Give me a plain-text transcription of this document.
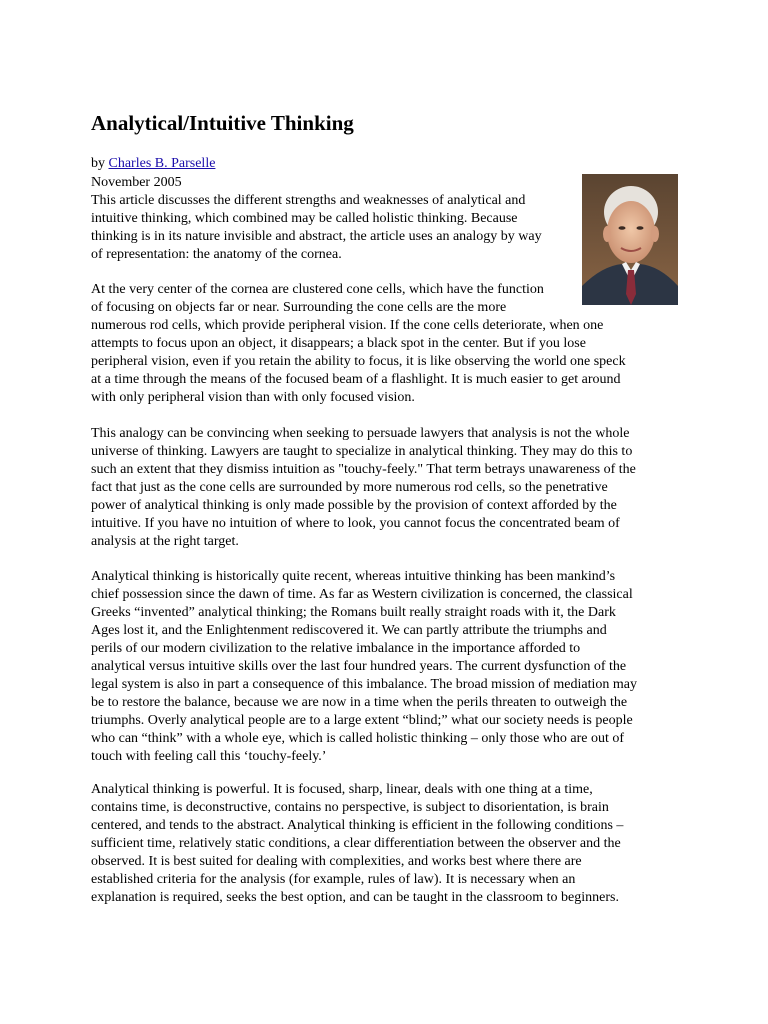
Analytical/Intuitive Thinking
by Charles B. Parselle
November 2005
This article discusses the different strengths and weaknesses of analytical and
intuitive thinking, which combined may be called holistic thinking. Because
thinking is in its nature invisible and abstract, the article uses an analogy by way
of representation: the anatomy of the cornea.
At the very center of the cornea are clustered cone cells, which have the function
of focusing on objects far or near. Surrounding the cone cells are the more
numerous rod cells, which provide peripheral vision. If the cone cells deteriorate, when one
attempts to focus upon an object, it disappears; a black spot in the center. But if you lose
peripheral vision, even if you retain the ability to focus, it is like observing the world one speck
at a time through the means of the focused beam of a flashlight. It is much easier to get around
with only peripheral vision than with only focused vision.
This analogy can be convincing when seeking to persuade lawyers that analysis is not the whole
universe of thinking. Lawyers are taught to specialize in analytical thinking. They may do this to
such an extent that they dismiss intuition as "touchy-feely." That term betrays unawareness of the
fact that just as the cone cells are surrounded by more numerous rod cells, so the penetrative
power of analytical thinking is only made possible by the provision of context afforded by the
intuitive. If you have no intuition of where to look, you cannot focus the concentrated beam of
analysis at the right target.
Analytical thinking is historically quite recent, whereas intuitive thinking has been mankind’s
chief possession since the dawn of time. As far as Western civilization is concerned, the classical
Greeks “invented” analytical thinking; the Romans built really straight roads with it, the Dark
Ages lost it, and the Enlightenment rediscovered it. We can partly attribute the triumphs and
perils of our modern civilization to the relative imbalance in the importance afforded to
analytical versus intuitive skills over the last four hundred years. The current dysfunction of the
legal system is also in part a consequence of this imbalance. The broad mission of mediation may
be to restore the balance, because we are now in a time when the perils threaten to outweigh the
triumphs. Overly analytical people are to a large extent “blind;” what our society needs is people
who can “think” with a whole eye, which is called holistic thinking – only those who are out of
touch with feeling call this ‘touchy-feely.’
Analytical thinking is powerful. It is focused, sharp, linear, deals with one thing at a time,
contains time, is deconstructive, contains no perspective, is subject to disorientation, is brain
centered, and tends to the abstract. Analytical thinking is efficient in the following conditions –
sufficient time, relatively static conditions, a clear differentiation between the observer and the
observed. It is best suited for dealing with complexities, and works best where there are
established criteria for the analysis (for example, rules of law). It is necessary when an
explanation is required, seeks the best option, and can be taught in the classroom to beginners.
